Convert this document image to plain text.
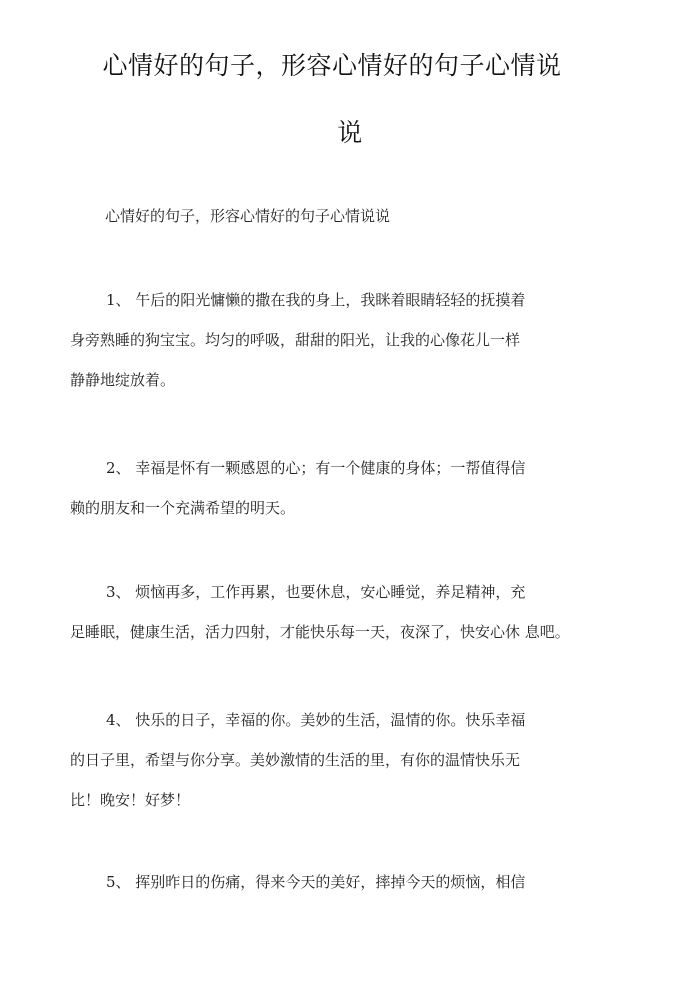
心情好的句子，形容心情好的句子心情说
说
心情好的句子，形容心情好的句子心情说说
1、 午后的阳光慵懒的撒在我的身上，我眯着眼睛轻轻的抚摸着
身旁熟睡的狗宝宝。均匀的呼吸，甜甜的阳光，让我的心像花儿一样
静静地绽放着。
2、 幸福是怀有一颗感恩的心；有一个健康的身体；一帮值得信
赖的朋友和一个充满希望的明天。
3、 烦恼再多，工作再累，也要休息，安心睡觉，养足精神，充
足睡眠，健康生活，活力四射，才能快乐每一天，夜深了，快安心休 息吧。
4、 快乐的日子，幸福的你。美妙的生活，温情的你。快乐幸福
的日子里，希望与你分享。美妙激情的生活的里，有你的温情快乐无
比！晚安！好梦！
5、 挥别昨日的伤痛，得来今天的美好，摔掉今天的烦恼，相信
